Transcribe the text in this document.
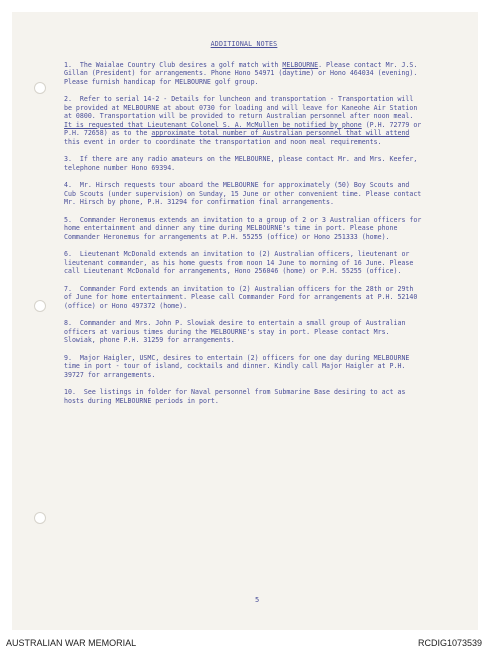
ADDITIONAL NOTES
1. The Waialae Country Club desires a golf match with MELBOURNE. Please contact Mr. J.S. Gillan (President) for arrangements. Phone Hono 54971 (daytime) or Hono 464034 (evening). Please furnish handicap for MELBOURNE golf group.
2. Refer to serial 14-2 - Details for luncheon and transportation - Transportation will be provided at MELBOURNE at about 0730 for loading and will leave for Kaneohe Air Station at 0800. Transportation will be provided to return Australian personnel after noon meal. It is requested that Lieutenant Colonel S. A. McMullen be notified by phone (P.H. 72779 or P.H. 72658) as to the approximate total number of Australian personnel that will attend this event in order to coordinate the transportation and noon meal requirements.
3. If there are any radio amateurs on the MELBOURNE, please contact Mr. and Mrs. Keefer, telephone number Hono 69394.
4. Mr. Hirsch requests tour aboard the MELBOURNE for approximately (50) Boy Scouts and Cub Scouts (under supervision) on Sunday, 15 June or other convenient time. Please contact Mr. Hirsch by phone, P.H. 31294 for confirmation final arrangements.
5. Commander Heronemus extends an invitation to a group of 2 or 3 Australian officers for home entertainment and dinner any time during MELBOURNE's time in port. Please phone Commander Heronemus for arrangements at P.H. 55255 (office) or Hono 251333 (home).
6. Lieutenant McDonald extends an invitation to (2) Australian officers, lieutenant or lieutenant commander, as his home guests from noon 14 June to morning of 16 June. Please call Lieutenant McDonald for arrangements, Hono 256046 (home) or P.H. 55255 (office).
7. Commander Ford extends an invitation to (2) Australian officers for the 28th or 29th of June for home entertainment. Please call Commander Ford for arrangements at P.H. 52140 (office) or Hono 497372 (home).
8. Commander and Mrs. John P. Slowiak desire to entertain a small group of Australian officers at various times during the MELBOURNE's stay in port. Please contact Mrs. Slowiak, phone P.H. 31259 for arrangements.
9. Major Haigler, USMC, desires to entertain (2) officers for one day during MELBOURNE time in port - tour of island, cocktails and dinner. Kindly call Major Haigler at P.H. 39727 for arrangements.
10. See listings in folder for Naval personnel from Submarine Base desiring to act as hosts during MELBOURNE periods in port.
5
AUSTRALIAN WAR MEMORIAL	RCDIG1073539
